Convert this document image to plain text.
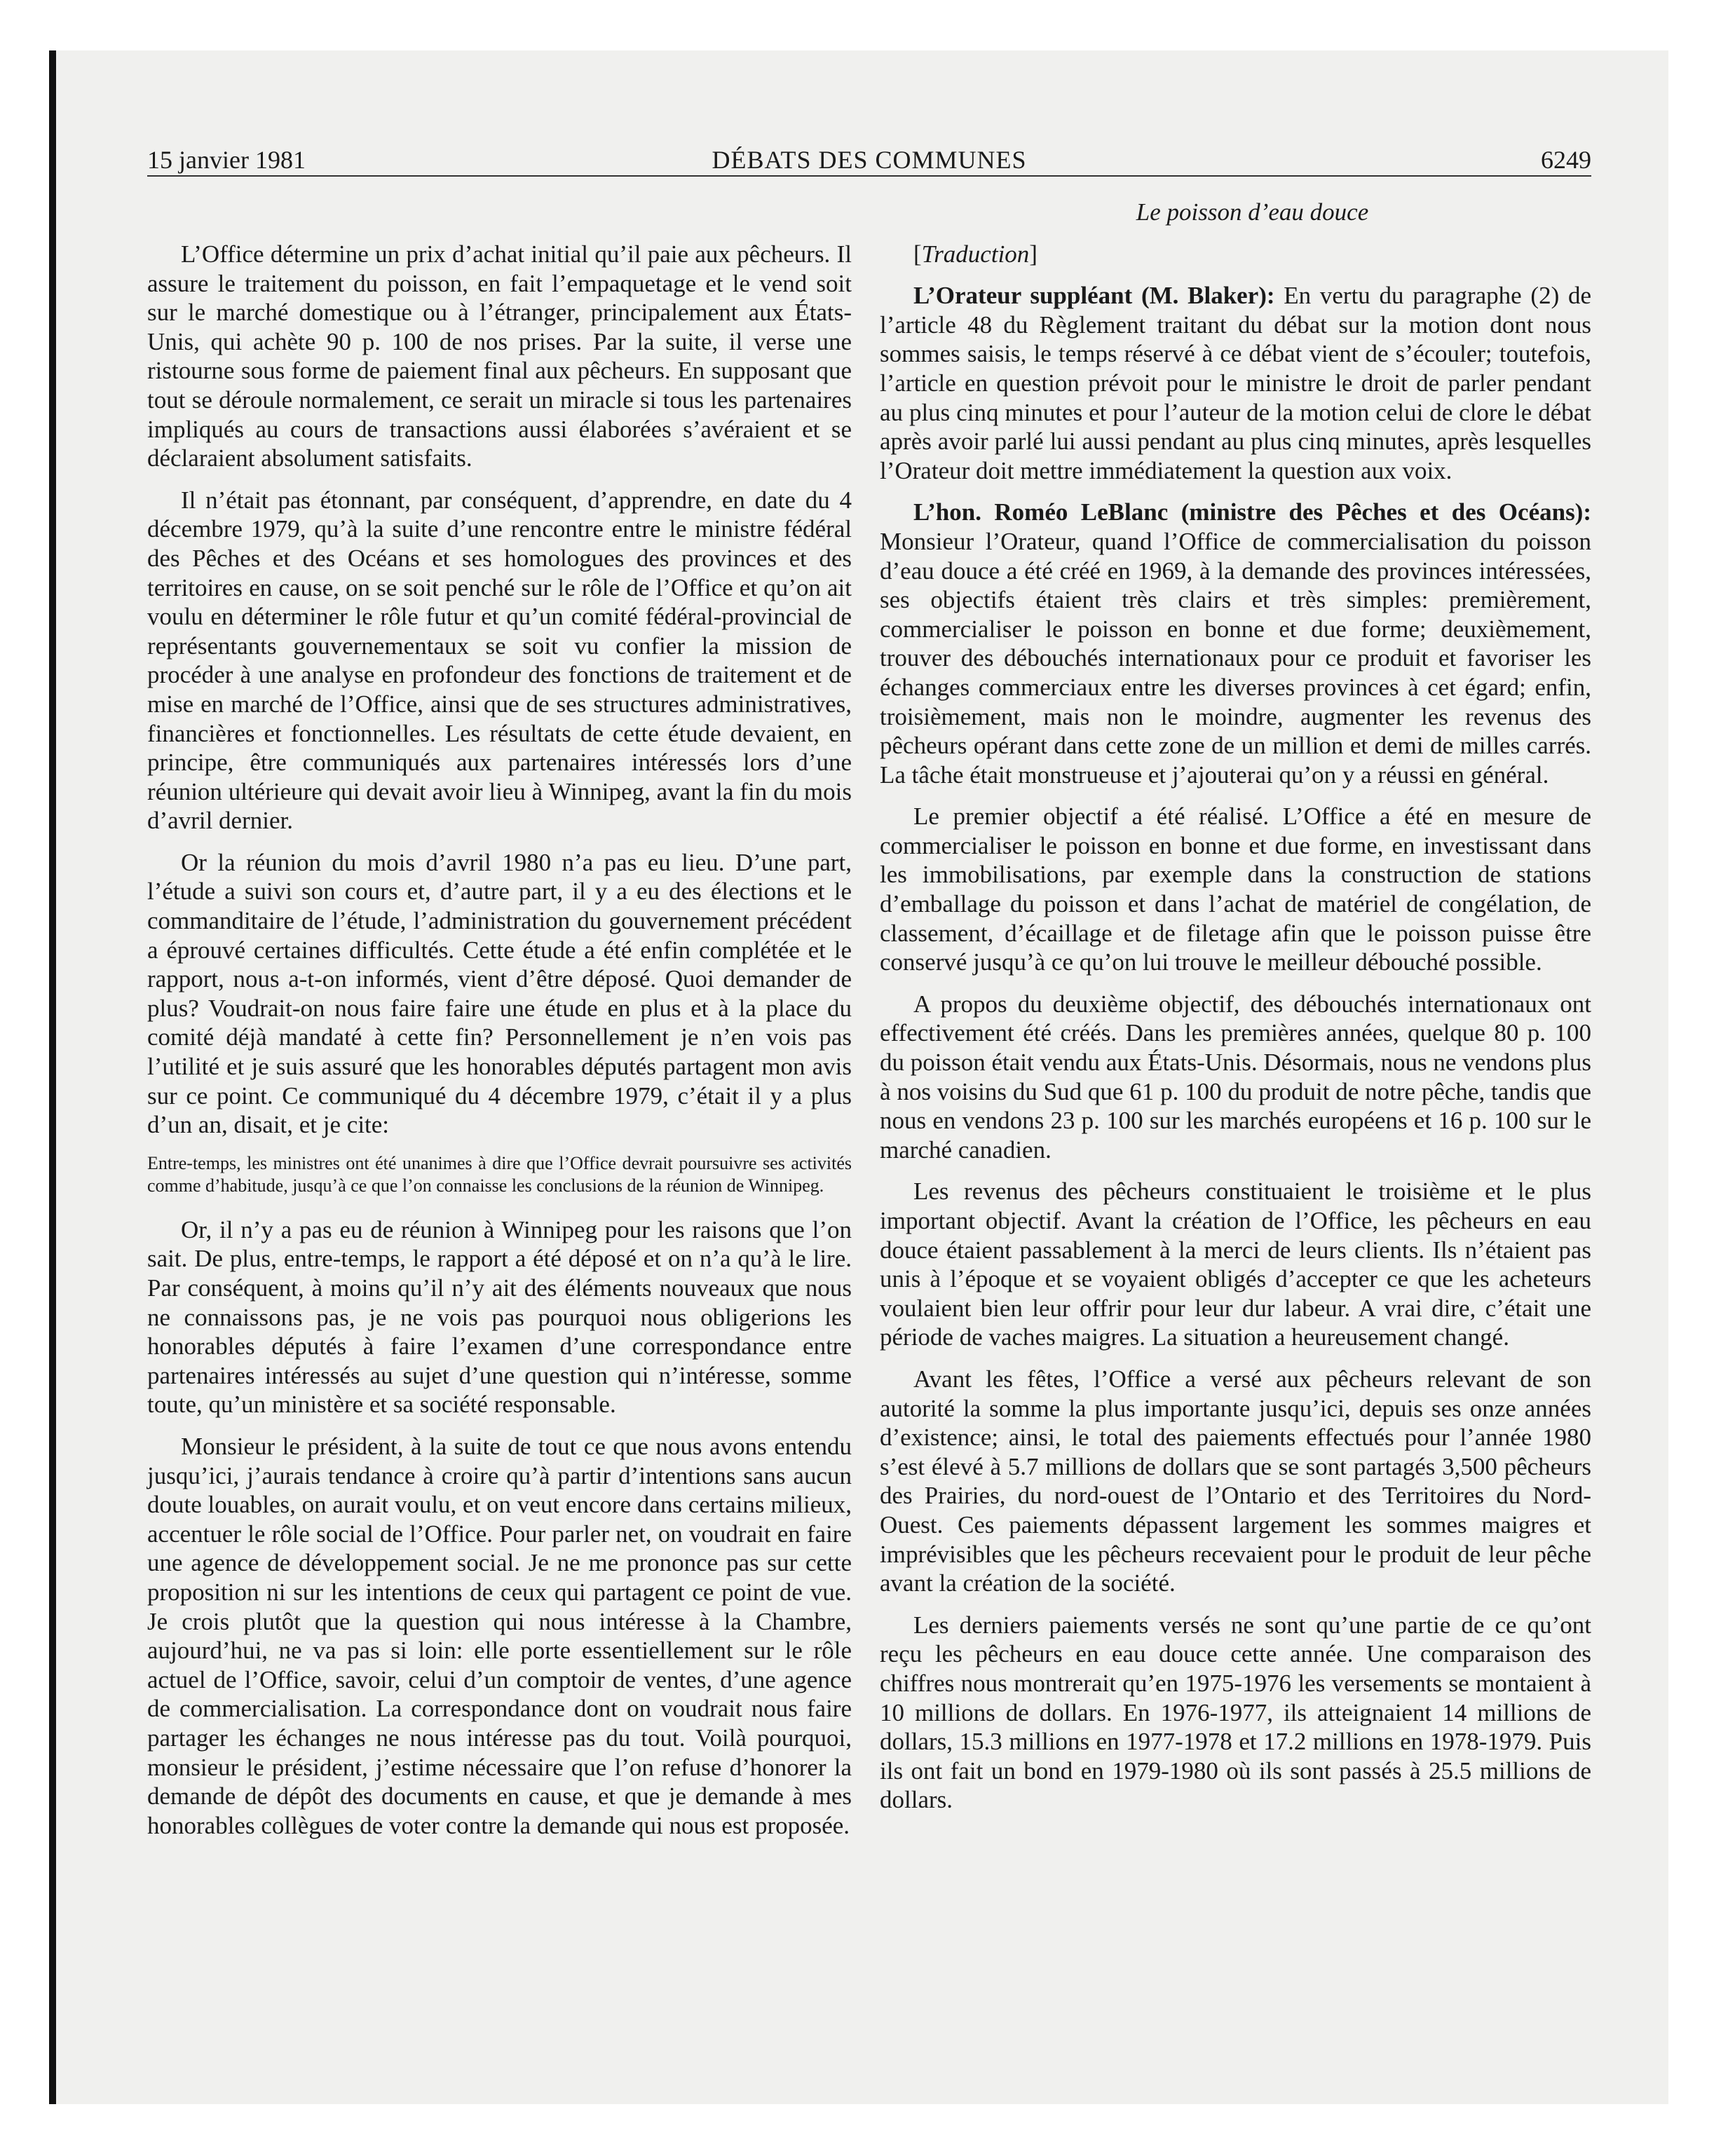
15 janvier 1981	DÉBATS DES COMMUNES	6249

L’Office détermine un prix d’achat initial qu’il paie aux pêcheurs. Il assure le traitement du poisson, en fait l’empaquetage et le vend soit sur le marché domestique ou à l’étranger, principalement aux États-Unis, qui achète 90 p. 100 de nos prises. Par la suite, il verse une ristourne sous forme de paiement final aux pêcheurs. En supposant que tout se déroule normalement, ce serait un miracle si tous les partenaires impliqués au cours de transactions aussi élaborées s’avéraient et se déclaraient absolument satisfaits.

Il n’était pas étonnant, par conséquent, d’apprendre, en date du 4 décembre 1979, qu’à la suite d’une rencontre entre le ministre fédéral des Pêches et des Océans et ses homologues des provinces et des territoires en cause, on se soit penché sur le rôle de l’Office et qu’on ait voulu en déterminer le rôle futur et qu’un comité fédéral-provincial de représentants gouvernementaux se soit vu confier la mission de procéder à une analyse en profondeur des fonctions de traitement et de mise en marché de l’Office, ainsi que de ses structures administratives, financières et fonctionnelles. Les résultats de cette étude devaient, en principe, être communiqués aux partenaires intéressés lors d’une réunion ultérieure qui devait avoir lieu à Winnipeg, avant la fin du mois d’avril dernier.

Or la réunion du mois d’avril 1980 n’a pas eu lieu. D’une part, l’étude a suivi son cours et, d’autre part, il y a eu des élections et le commanditaire de l’étude, l’administration du gouvernement précédent a éprouvé certaines difficultés. Cette étude a été enfin complétée et le rapport, nous a-t-on informés, vient d’être déposé. Quoi demander de plus? Voudrait-on nous faire faire une étude en plus et à la place du comité déjà mandaté à cette fin? Personnellement je n’en vois pas l’utilité et je suis assuré que les honorables députés partagent mon avis sur ce point. Ce communiqué du 4 décembre 1979, c’était il y a plus d’un an, disait, et je cite:

Entre-temps, les ministres ont été unanimes à dire que l’Office devrait poursuivre ses activités comme d’habitude, jusqu’à ce que l’on connaisse les conclusions de la réunion de Winnipeg.

Or, il n’y a pas eu de réunion à Winnipeg pour les raisons que l’on sait. De plus, entre-temps, le rapport a été déposé et on n’a qu’à le lire. Par conséquent, à moins qu’il n’y ait des éléments nouveaux que nous ne connaissons pas, je ne vois pas pourquoi nous obligerions les honorables députés à faire l’examen d’une correspondance entre partenaires intéressés au sujet d’une question qui n’intéresse, somme toute, qu’un ministère et sa société responsable.

Monsieur le président, à la suite de tout ce que nous avons entendu jusqu’ici, j’aurais tendance à croire qu’à partir d’intentions sans aucun doute louables, on aurait voulu, et on veut encore dans certains milieux, accentuer le rôle social de l’Office. Pour parler net, on voudrait en faire une agence de développement social. Je ne me prononce pas sur cette proposition ni sur les intentions de ceux qui partagent ce point de vue. Je crois plutôt que la question qui nous intéresse à la Chambre, aujourd’hui, ne va pas si loin: elle porte essentiellement sur le rôle actuel de l’Office, savoir, celui d’un comptoir de ventes, d’une agence de commercialisation. La correspondance dont on voudrait nous faire partager les échanges ne nous intéresse pas du tout. Voilà pourquoi, monsieur le président, j’estime nécessaire que l’on refuse d’honorer la demande de dépôt des documents en cause, et que je demande à mes honorables collègues de voter contre la demande qui nous est proposée.

Le poisson d’eau douce

[Traduction]

L’Orateur suppléant (M. Blaker): En vertu du paragraphe (2) de l’article 48 du Règlement traitant du débat sur la motion dont nous sommes saisis, le temps réservé à ce débat vient de s’écouler; toutefois, l’article en question prévoit pour le ministre le droit de parler pendant au plus cinq minutes et pour l’auteur de la motion celui de clore le débat après avoir parlé lui aussi pendant au plus cinq minutes, après lesquelles l’Orateur doit mettre immédiatement la question aux voix.

L’hon. Roméo LeBlanc (ministre des Pêches et des Océans): Monsieur l’Orateur, quand l’Office de commercialisation du poisson d’eau douce a été créé en 1969, à la demande des provinces intéressées, ses objectifs étaient très clairs et très simples: premièrement, commercialiser le poisson en bonne et due forme; deuxièmement, trouver des débouchés internationaux pour ce produit et favoriser les échanges commerciaux entre les diverses provinces à cet égard; enfin, troisièmement, mais non le moindre, augmenter les revenus des pêcheurs opérant dans cette zone de un million et demi de milles carrés. La tâche était monstrueuse et j’ajouterai qu’on y a réussi en général.

Le premier objectif a été réalisé. L’Office a été en mesure de commercialiser le poisson en bonne et due forme, en investissant dans les immobilisations, par exemple dans la construction de stations d’emballage du poisson et dans l’achat de matériel de congélation, de classement, d’écaillage et de filetage afin que le poisson puisse être conservé jusqu’à ce qu’on lui trouve le meilleur débouché possible.

A propos du deuxième objectif, des débouchés internationaux ont effectivement été créés. Dans les premières années, quelque 80 p. 100 du poisson était vendu aux États-Unis. Désormais, nous ne vendons plus à nos voisins du Sud que 61 p. 100 du produit de notre pêche, tandis que nous en vendons 23 p. 100 sur les marchés européens et 16 p. 100 sur le marché canadien.

Les revenus des pêcheurs constituaient le troisième et le plus important objectif. Avant la création de l’Office, les pêcheurs en eau douce étaient passablement à la merci de leurs clients. Ils n’étaient pas unis à l’époque et se voyaient obligés d’accepter ce que les acheteurs voulaient bien leur offrir pour leur dur labeur. A vrai dire, c’était une période de vaches maigres. La situation a heureusement changé.

Avant les fêtes, l’Office a versé aux pêcheurs relevant de son autorité la somme la plus importante jusqu’ici, depuis ses onze années d’existence; ainsi, le total des paiements effectués pour l’année 1980 s’est élevé à 5.7 millions de dollars que se sont partagés 3,500 pêcheurs des Prairies, du nord-ouest de l’Ontario et des Territoires du Nord-Ouest. Ces paiements dépassent largement les sommes maigres et imprévisibles que les pêcheurs recevaient pour le produit de leur pêche avant la création de la société.

Les derniers paiements versés ne sont qu’une partie de ce qu’ont reçu les pêcheurs en eau douce cette année. Une comparaison des chiffres nous montrerait qu’en 1975-1976 les versements se montaient à 10 millions de dollars. En 1976-1977, ils atteignaient 14 millions de dollars, 15.3 millions en 1977-1978 et 17.2 millions en 1978-1979. Puis ils ont fait un bond en 1979-1980 où ils sont passés à 25.5 millions de dollars.
